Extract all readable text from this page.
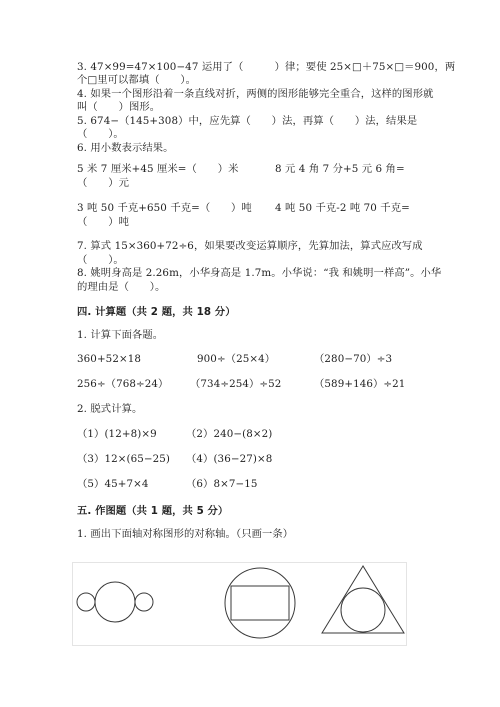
3. 47×99=47×100−47 运用了（　　　）律；要使 25×□＋75×□＝900，两
个□里可以都填（　　）。
4. 如果一个图形沿着一条直线对折，两侧的图形能够完全重合，这样的图形就
叫（　　）图形。
5. 674−（145+308）中，应先算（　　）法，再算（　　）法，结果是
（　　）。
6. 用小数表示结果。
5 米 7 厘米+45 厘米=（　　）米	8 元 4 角 7 分+5 元 6 角=
（　　）元
3 吨 50 千克+650 千克=（　　）吨 4 吨 50 千克-2 吨 70 千克=
（　　）吨
7. 算式 15×360+72÷6，如果要改变运算顺序，先算加法，算式应改写成
（　　）。
8. 姚明身高是 2.26m，小华身高是 1.7m。小华说：“我 和姚明一样高”。小华
的理由是（　　）。
四. 计算题（共 2 题，共 18 分）
1. 计算下面各题。
360+52×18	900÷（25×4）	（280−70）÷3
256÷（768÷24） （734÷254）÷52	（589+146）÷21
2. 脱式计算。
（1）(12+8)×9	（2）240−(8×2)
（3）12×(65−25) （4）(36−27)×8
（5）45+7×4	（6）8×7−15
五. 作图题（共 1 题，共 5 分）
1. 画出下面轴对称图形的对称轴。（只画一条）
